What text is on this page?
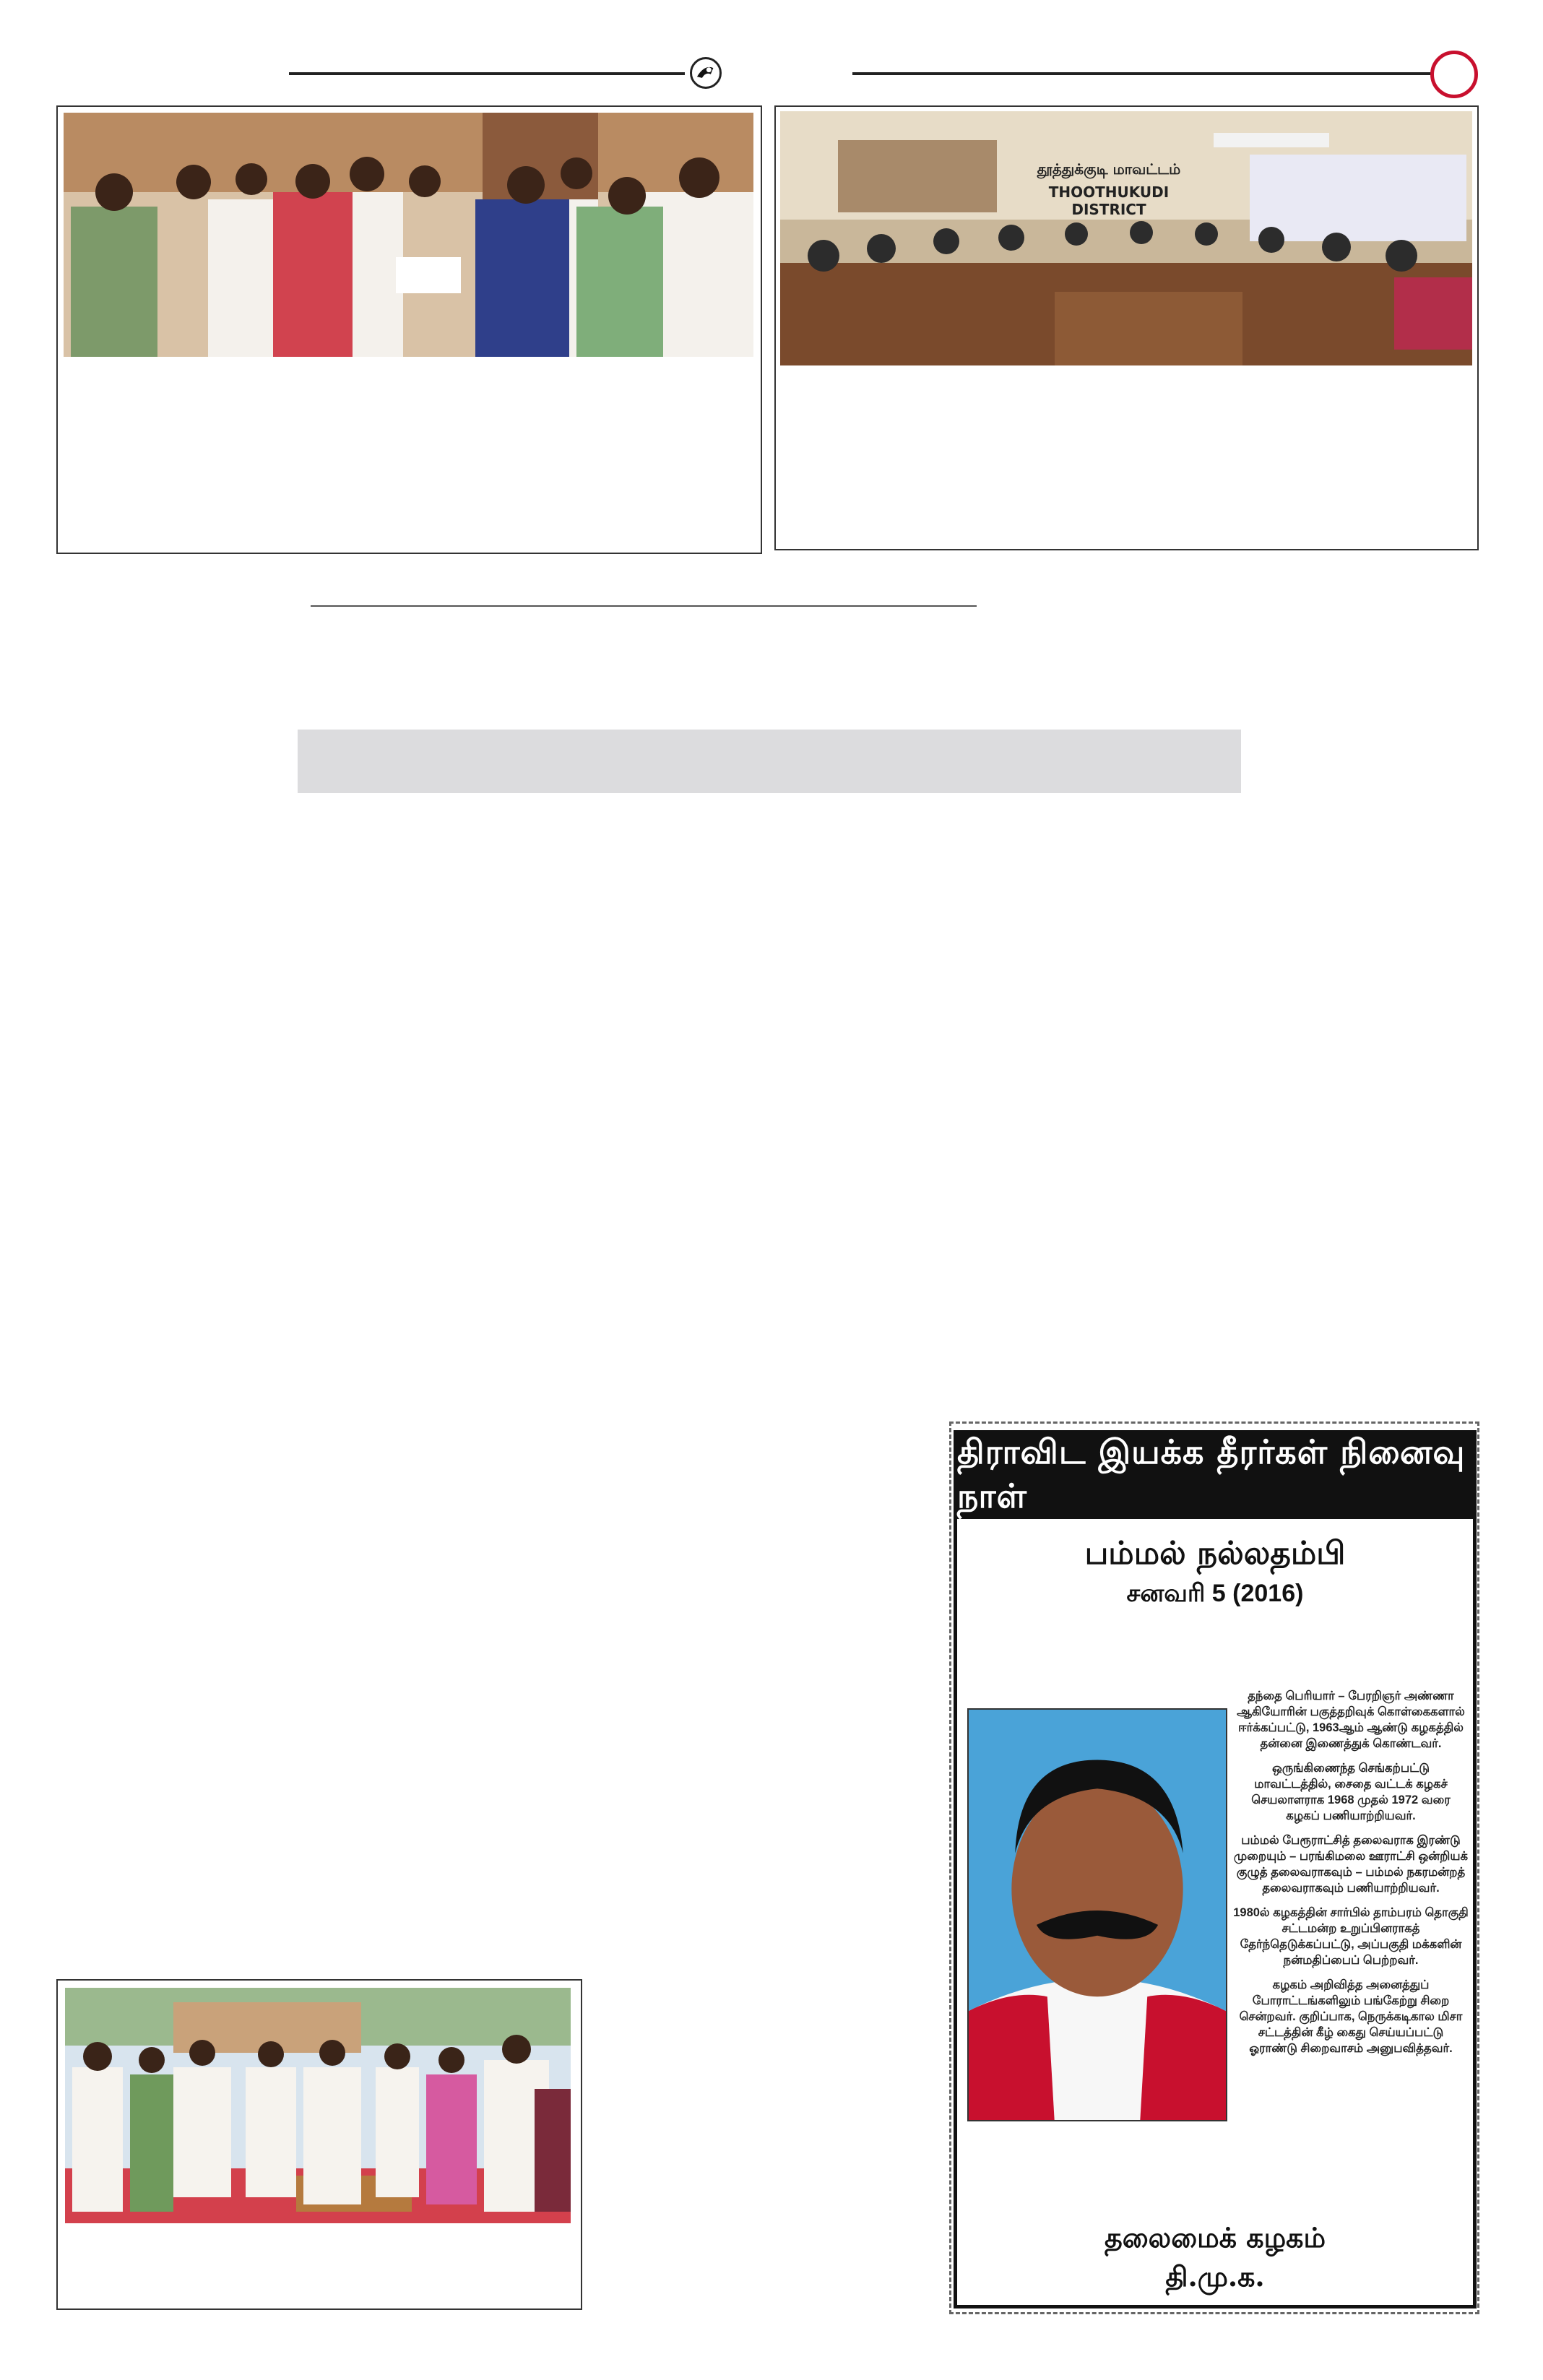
தூத்துக்குடி மாவட்டம்
THOOTHUKUDI DISTRICT
திராவிட இயக்க தீரர்கள் நினைவு நாள்
பம்மல் நல்லதம்பி
சனவரி 5 (2016)

தந்தை பெரியார் – பேரறிஞர் அண்ணா ஆகியோரின் பகுத்தறிவுக் கொள்கைகளால் ஈர்க்கப்பட்டு, 1963ஆம் ஆண்டு கழகத்தில் தன்னை இணைத்துக் கொண்டவர்.

ஒருங்கிணைந்த செங்கற்பட்டு மாவட்டத்தில், சைதை வட்டக் கழகச் செயலாளராக 1968 முதல் 1972 வரை கழகப் பணியாற்றியவர்.

பம்மல் பேரூராட்சித் தலைவராக இரண்டு முறையும் – பரங்கிமலை ஊராட்சி ஒன்றியக் குழுத் தலைவராகவும் – பம்மல் நகரமன்றத் தலைவராகவும் பணியாற்றியவர்.

1980ல் கழகத்தின் சார்பில் தாம்பரம் தொகுதி சட்டமன்ற உறுப்பினராகத் தேர்ந்தெடுக்கப்பட்டு, அப்பகுதி மக்களின் நன்மதிப்பைப் பெற்றவர்.

கழகம் அறிவித்த அனைத்துப் போராட்டங்களிலும் பங்கேற்று சிறை சென்றவர். குறிப்பாக, நெருக்கடிகால மிசா சட்டத்தின் கீழ் கைது செய்யப்பட்டு ஓராண்டு சிறைவாசம் அனுபவித்தவர்.

தலைமைக் கழகம்
தி.மு.க.
